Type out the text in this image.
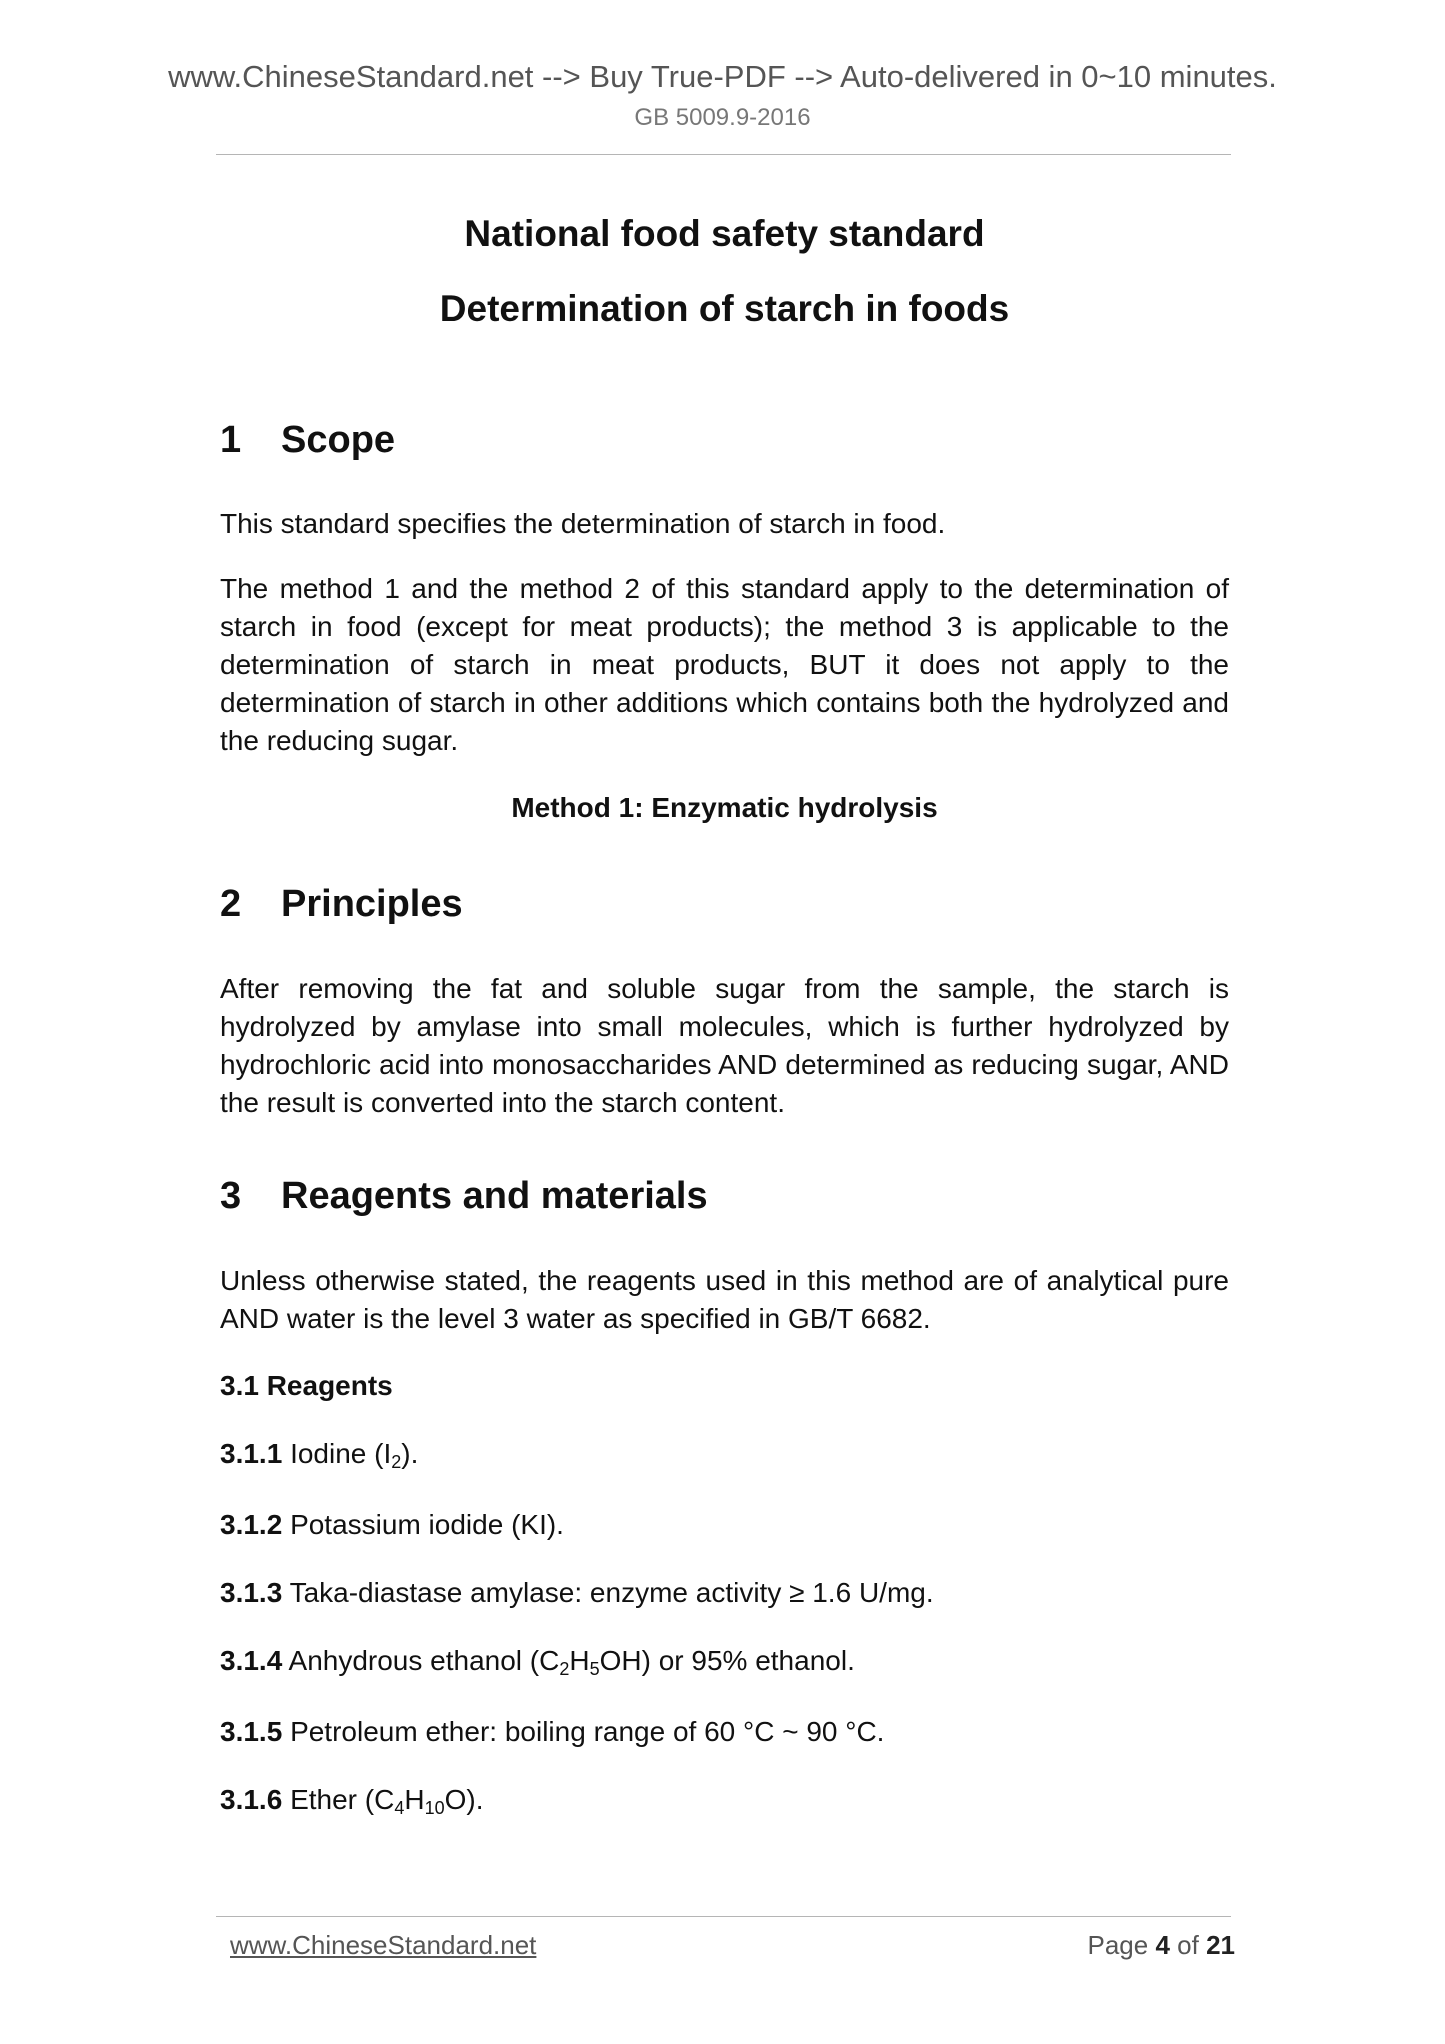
www.ChineseStandard.net --> Buy True-PDF --> Auto-delivered in 0~10 minutes.
GB 5009.9-2016

National food safety standard

Determination of starch in foods

1 Scope

This standard specifies the determination of starch in food.

The method 1 and the method 2 of this standard apply to the determination of starch in food (except for meat products); the method 3 is applicable to the determination of starch in meat products, BUT it does not apply to the determination of starch in other additions which contains both the hydrolyzed and the reducing sugar.

Method 1: Enzymatic hydrolysis

2 Principles

After removing the fat and soluble sugar from the sample, the starch is hydrolyzed by amylase into small molecules, which is further hydrolyzed by hydrochloric acid into monosaccharides AND determined as reducing sugar, AND the result is converted into the starch content.

3 Reagents and materials

Unless otherwise stated, the reagents used in this method are of analytical pure AND water is the level 3 water as specified in GB/T 6682.

3.1 Reagents

3.1.1 Iodine (I2).

3.1.2 Potassium iodide (KI).

3.1.3 Taka-diastase amylase: enzyme activity ≥ 1.6 U/mg.

3.1.4 Anhydrous ethanol (C2H5OH) or 95% ethanol.

3.1.5 Petroleum ether: boiling range of 60 °C ~ 90 °C.

3.1.6 Ether (C4H10O).

www.ChineseStandard.net	Page 4 of 21
